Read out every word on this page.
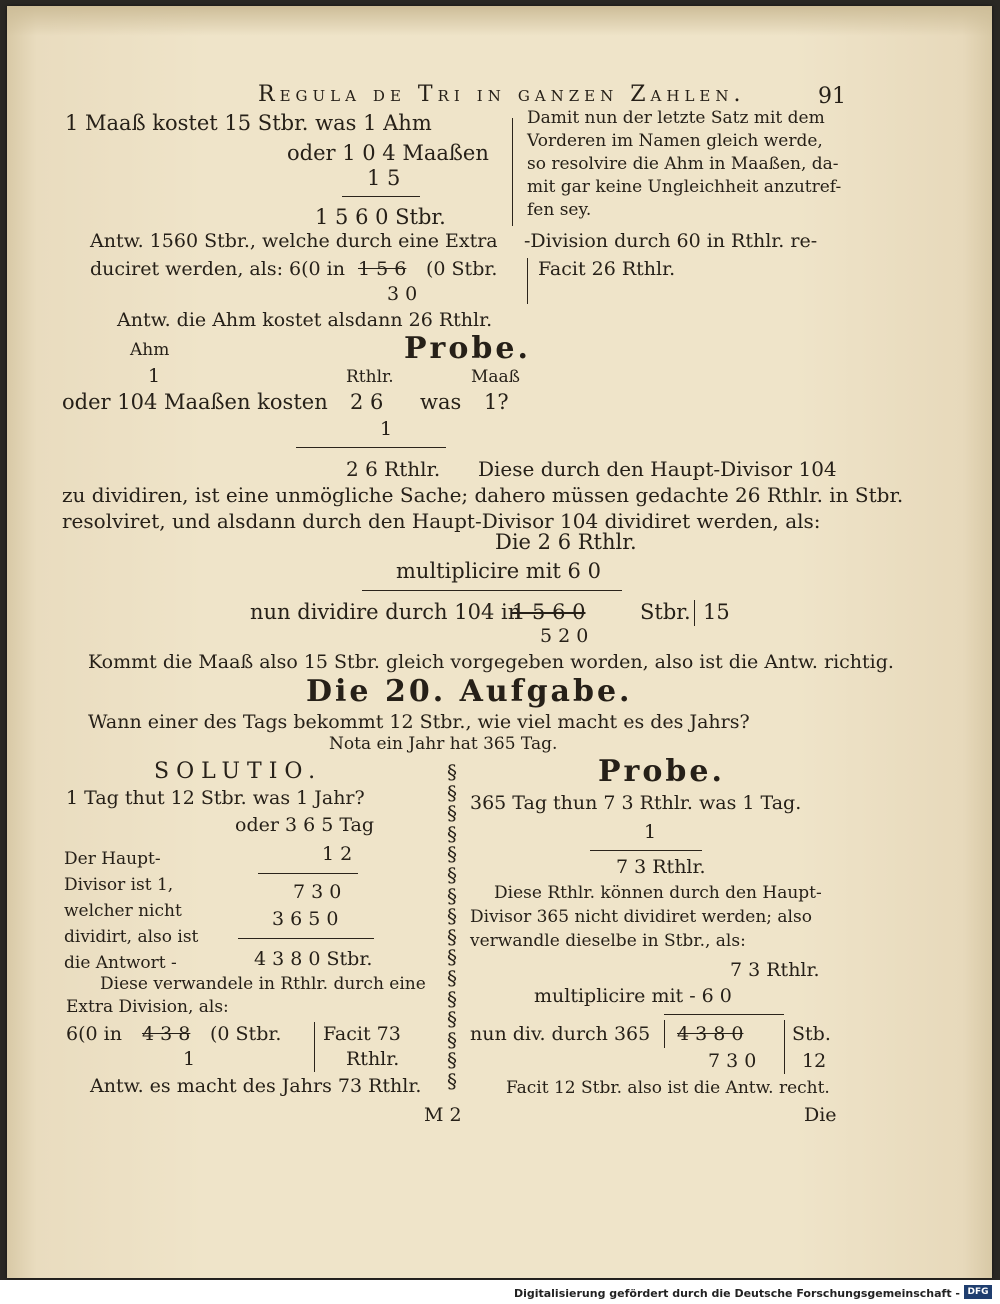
Regula de Tri in ganzen Zahlen.	91
1 Maaß kostet 15 Stbr. was 1 Ahm
oder 1 0 4 Maaßen
1 5
1 5 6 0 Stbr.
Damit nun der letzte Satz mit dem
Vorderen im Namen gleich werde,
so resolvire die Ahm in Maaßen, da-
mit gar keine Ungleichheit anzutref-
fen sey.
Antw. 1560 Stbr., welche durch eine Extra -Division durch 60 in Rthlr. re-
duciret werden, als: 6(0 in 1 5 6 (0 Stbr. Facit 26 Rthlr.
3 0
Antw. die Ahm kostet alsdann 26 Rthlr.
Ahm	Probe.
1	Rthlr.	Maaß
oder 104 Maaßen kosten 2 6 was 1?
1
2 6 Rthlr. Diese durch den Haupt-Divisor 104
zu dividiren, ist eine unmögliche Sache; dahero müssen gedachte 26 Rthlr. in Stbr.
resolviret, und alsdann durch den Haupt-Divisor 104 dividiret werden, als:
Die 2 6 Rthlr.
multiplicire mit 6 0
nun dividire durch 104 in
1 5 6 0	Stbr. 15
5 2 0
Kommt die Maaß also 15 Stbr. gleich vorgegeben worden, also ist die Antw. richtig.
Die 20. Aufgabe.
Wann einer des Tags bekommt 12 Stbr., wie viel macht es des Jahrs?
Nota ein Jahr hat 365 Tag.
SOLUTIO.
1 Tag thut 12 Stbr. was 1 Jahr?
oder 3 6 5 Tag
1 2
Der Haupt-
Divisor ist 1,
welcher nicht
dividirt, also ist
die Antwort -
7 3 0
3 6 5 0
4 3 8 0 Stbr.
Diese verwandele in Rthlr. durch eine
Extra Division, als:
6(0 in 4 3 8 (0 Stbr. Facit 73
Rthlr.
1
Antw. es macht des Jahrs 73 Rthlr.
§
§
§
§
§
§
§
§
§
§
§
§
§
§
§
§
Probe.
365 Tag thun 7 3 Rthlr. was 1 Tag.
1
7 3 Rthlr.
Diese Rthlr. können durch den Haupt-
Divisor 365 nicht dividiret werden; also
verwandle dieselbe in Stbr., als:
7 3 Rthlr.
multiplicire mit - 6 0
nun div. durch 365 4 3 8 0	Stb.
7 3 0 12
Facit 12 Stbr. also ist die Antw. recht.
M 2	Die
Digitalisierung gefördert durch die Deutsche Forschungsgemeinschaft - DFG
